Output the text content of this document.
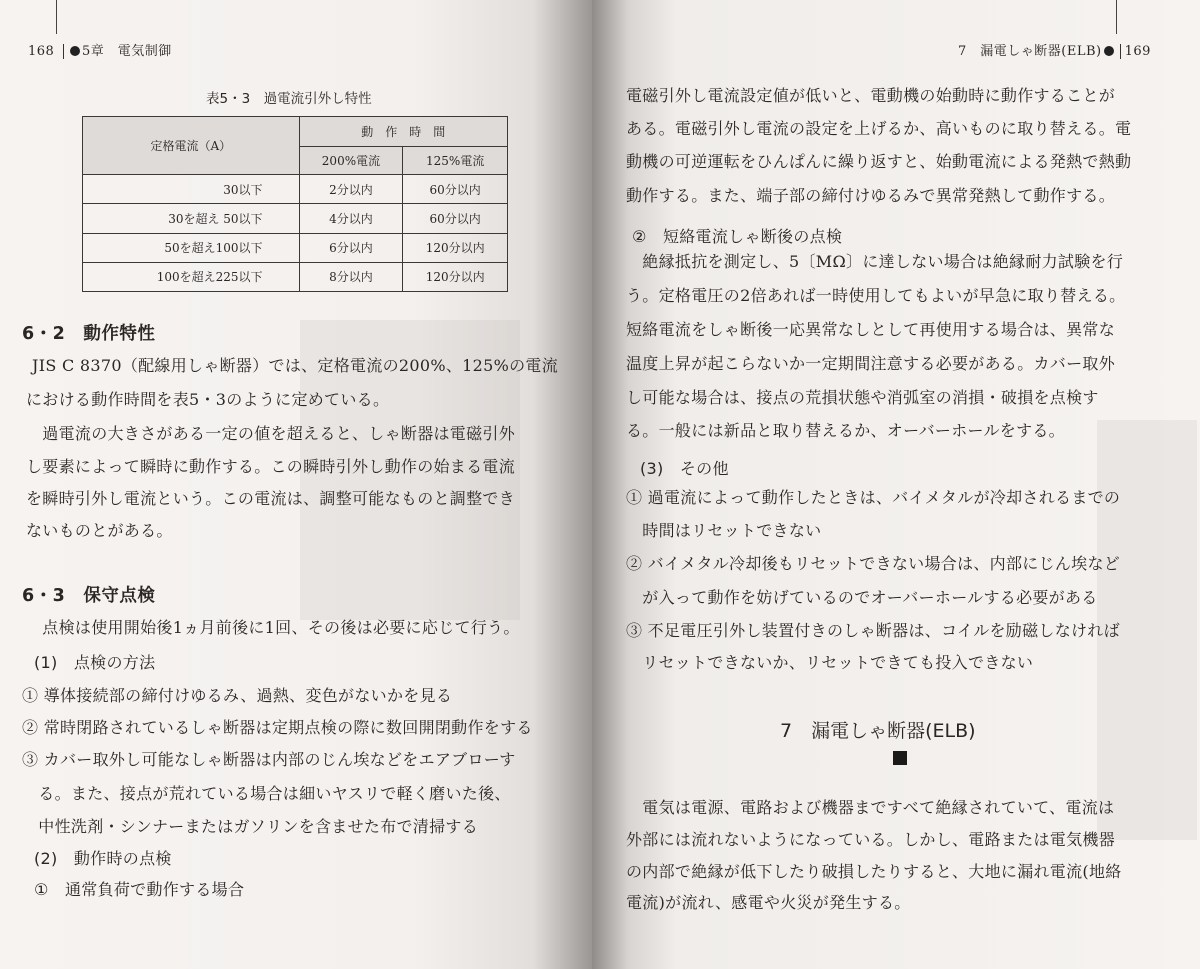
168 5章　電気制御
表5・3　過電流引外し特性
定格電流（A）	動　作　時　間	
	200%電流	125%電流
30以下	2分以内	60分以内
30を超え 50以下	4分以内	60分以内
50を超え100以下	6分以内	120分以内
100を超え225以下	8分以内	120分以内
6・2　動作特性
JIS C 8370（配線用しゃ断器）では、定格電流の200%、125%の電流
における動作時間を表5・3のように定めている。
　過電流の大きさがある一定の値を超えると、しゃ断器は電磁引外
し要素によって瞬時に動作する。この瞬時引外し動作の始まる電流
を瞬時引外し電流という。この電流は、調整可能なものと調整でき
ないものとがある。
6・3　保守点検
　点検は使用開始後1ヵ月前後に1回、その後は必要に応じて行う。
(1)　点検の方法
① 導体接続部の締付けゆるみ、過熱、変色がないかを見る
② 常時閉路されているしゃ断器は定期点検の際に数回開閉動作をする
③ カバー取外し可能なしゃ断器は内部のじん埃などをエアブローす
　る。また、接点が荒れている場合は細いヤスリで軽く磨いた後、
　中性洗剤・シンナーまたはガソリンを含ませた布で清掃する
(2)　動作時の点検
①　通常負荷で動作する場合
7　漏電しゃ断器(ELB) 169
電磁引外し電流設定値が低いと、電動機の始動時に動作することが
ある。電磁引外し電流の設定を上げるか、高いものに取り替える。電
動機の可逆運転をひんぱんに繰り返すと、始動電流による発熱で熱動
動作する。また、端子部の締付けゆるみで異常発熱して動作する。
②　短絡電流しゃ断後の点検
　絶縁抵抗を測定し、5〔MΩ〕に達しない場合は絶縁耐力試験を行
う。定格電圧の2倍あれば一時使用してもよいが早急に取り替える。
短絡電流をしゃ断後一応異常なしとして再使用する場合は、異常な
温度上昇が起こらないか一定期間注意する必要がある。カバー取外
し可能な場合は、接点の荒損状態や消弧室の消損・破損を点検す
る。一般には新品と取り替えるか、オーバーホールをする。
(3)　その他
① 過電流によって動作したときは、バイメタルが冷却されるまでの
　時間はリセットできない
② バイメタル冷却後もリセットできない場合は、内部にじん埃など
　が入って動作を妨げているのでオーバーホールする必要がある
③ 不足電圧引外し装置付きのしゃ断器は、コイルを励磁しなければ
　リセットできないか、リセットできても投入できない
　電気は電源、電路および機器まですべて絶縁されていて、電流は
外部には流れないようになっている。しかし、電路または電気機器
の内部で絶縁が低下したり破損したりすると、大地に漏れ電流(地絡
電流)が流れ、感電や火災が発生する。
7　漏電しゃ断器(ELB)
